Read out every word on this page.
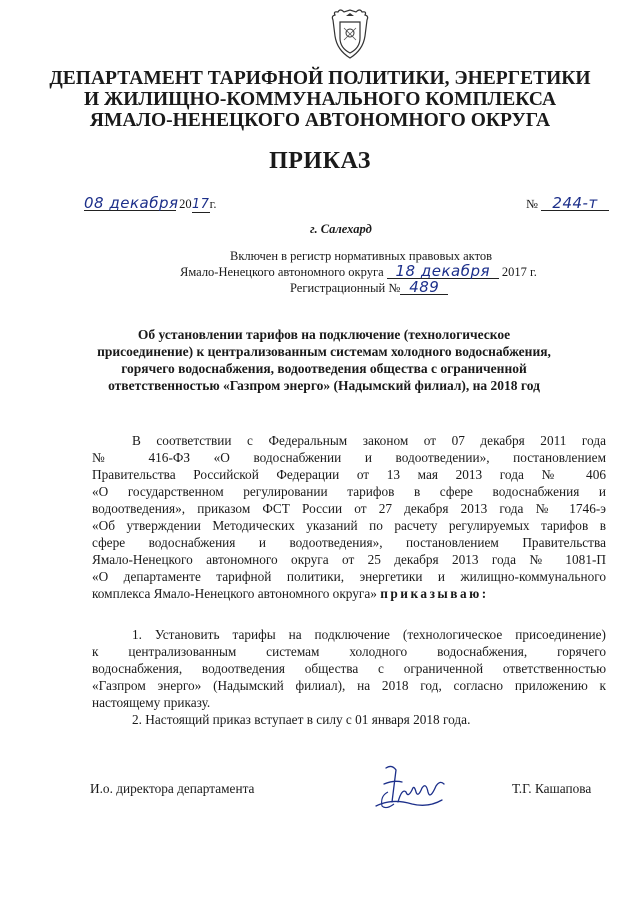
ДЕПАРТАМЕНТ ТАРИФНОЙ ПОЛИТИКИ, ЭНЕРГЕТИКИ
И ЖИЛИЩНО-КОММУНАЛЬНОГО КОМПЛЕКСА
ЯМАЛО-НЕНЕЦКОГО АВТОНОМНОГО ОКРУГА
ПРИКАЗ
08 декабря 2017г.	№ 244-т
г. Салехард
Включен в регистр нормативных правовых актов
Ямало-Ненецкого автономного округа 18 декабря 2017 г.
Регистрационный № 489
Об установлении тарифов на подключение (технологическое
присоединение) к централизованным системам холодного водоснабжения,
горячего водоснабжения, водоотведения общества с ограниченной
ответственностью «Газпром энерго» (Надымский филиал), на 2018 год
В соответствии с Федеральным законом от 07 декабря 2011 года
№ 416-ФЗ «О водоснабжении и водоотведении», постановлением
Правительства Российской Федерации от 13 мая 2013 года № 406
«О государственном регулировании тарифов в сфере водоснабжения и
водоотведения», приказом ФСТ России от 27 декабря 2013 года № 1746-э
«Об утверждении Методических указаний по расчету регулируемых тарифов в
сфере водоснабжения и водоотведения», постановлением Правительства
Ямало-Ненецкого автономного округа от 25 декабря 2013 года № 1081-П
«О департаменте тарифной политики, энергетики и жилищно-коммунального
комплекса Ямало-Ненецкого автономного округа» приказываю:
1. Установить тарифы на подключение (технологическое присоединение)
к централизованным системам холодного водоснабжения, горячего
водоснабжения, водоотведения общества с ограниченной ответственностью
«Газпром энерго» (Надымский филиал), на 2018 год, согласно приложению к
настоящему приказу.
2. Настоящий приказ вступает в силу с 01 января 2018 года.
И.о. директора департамента	Т.Г. Кашапова
